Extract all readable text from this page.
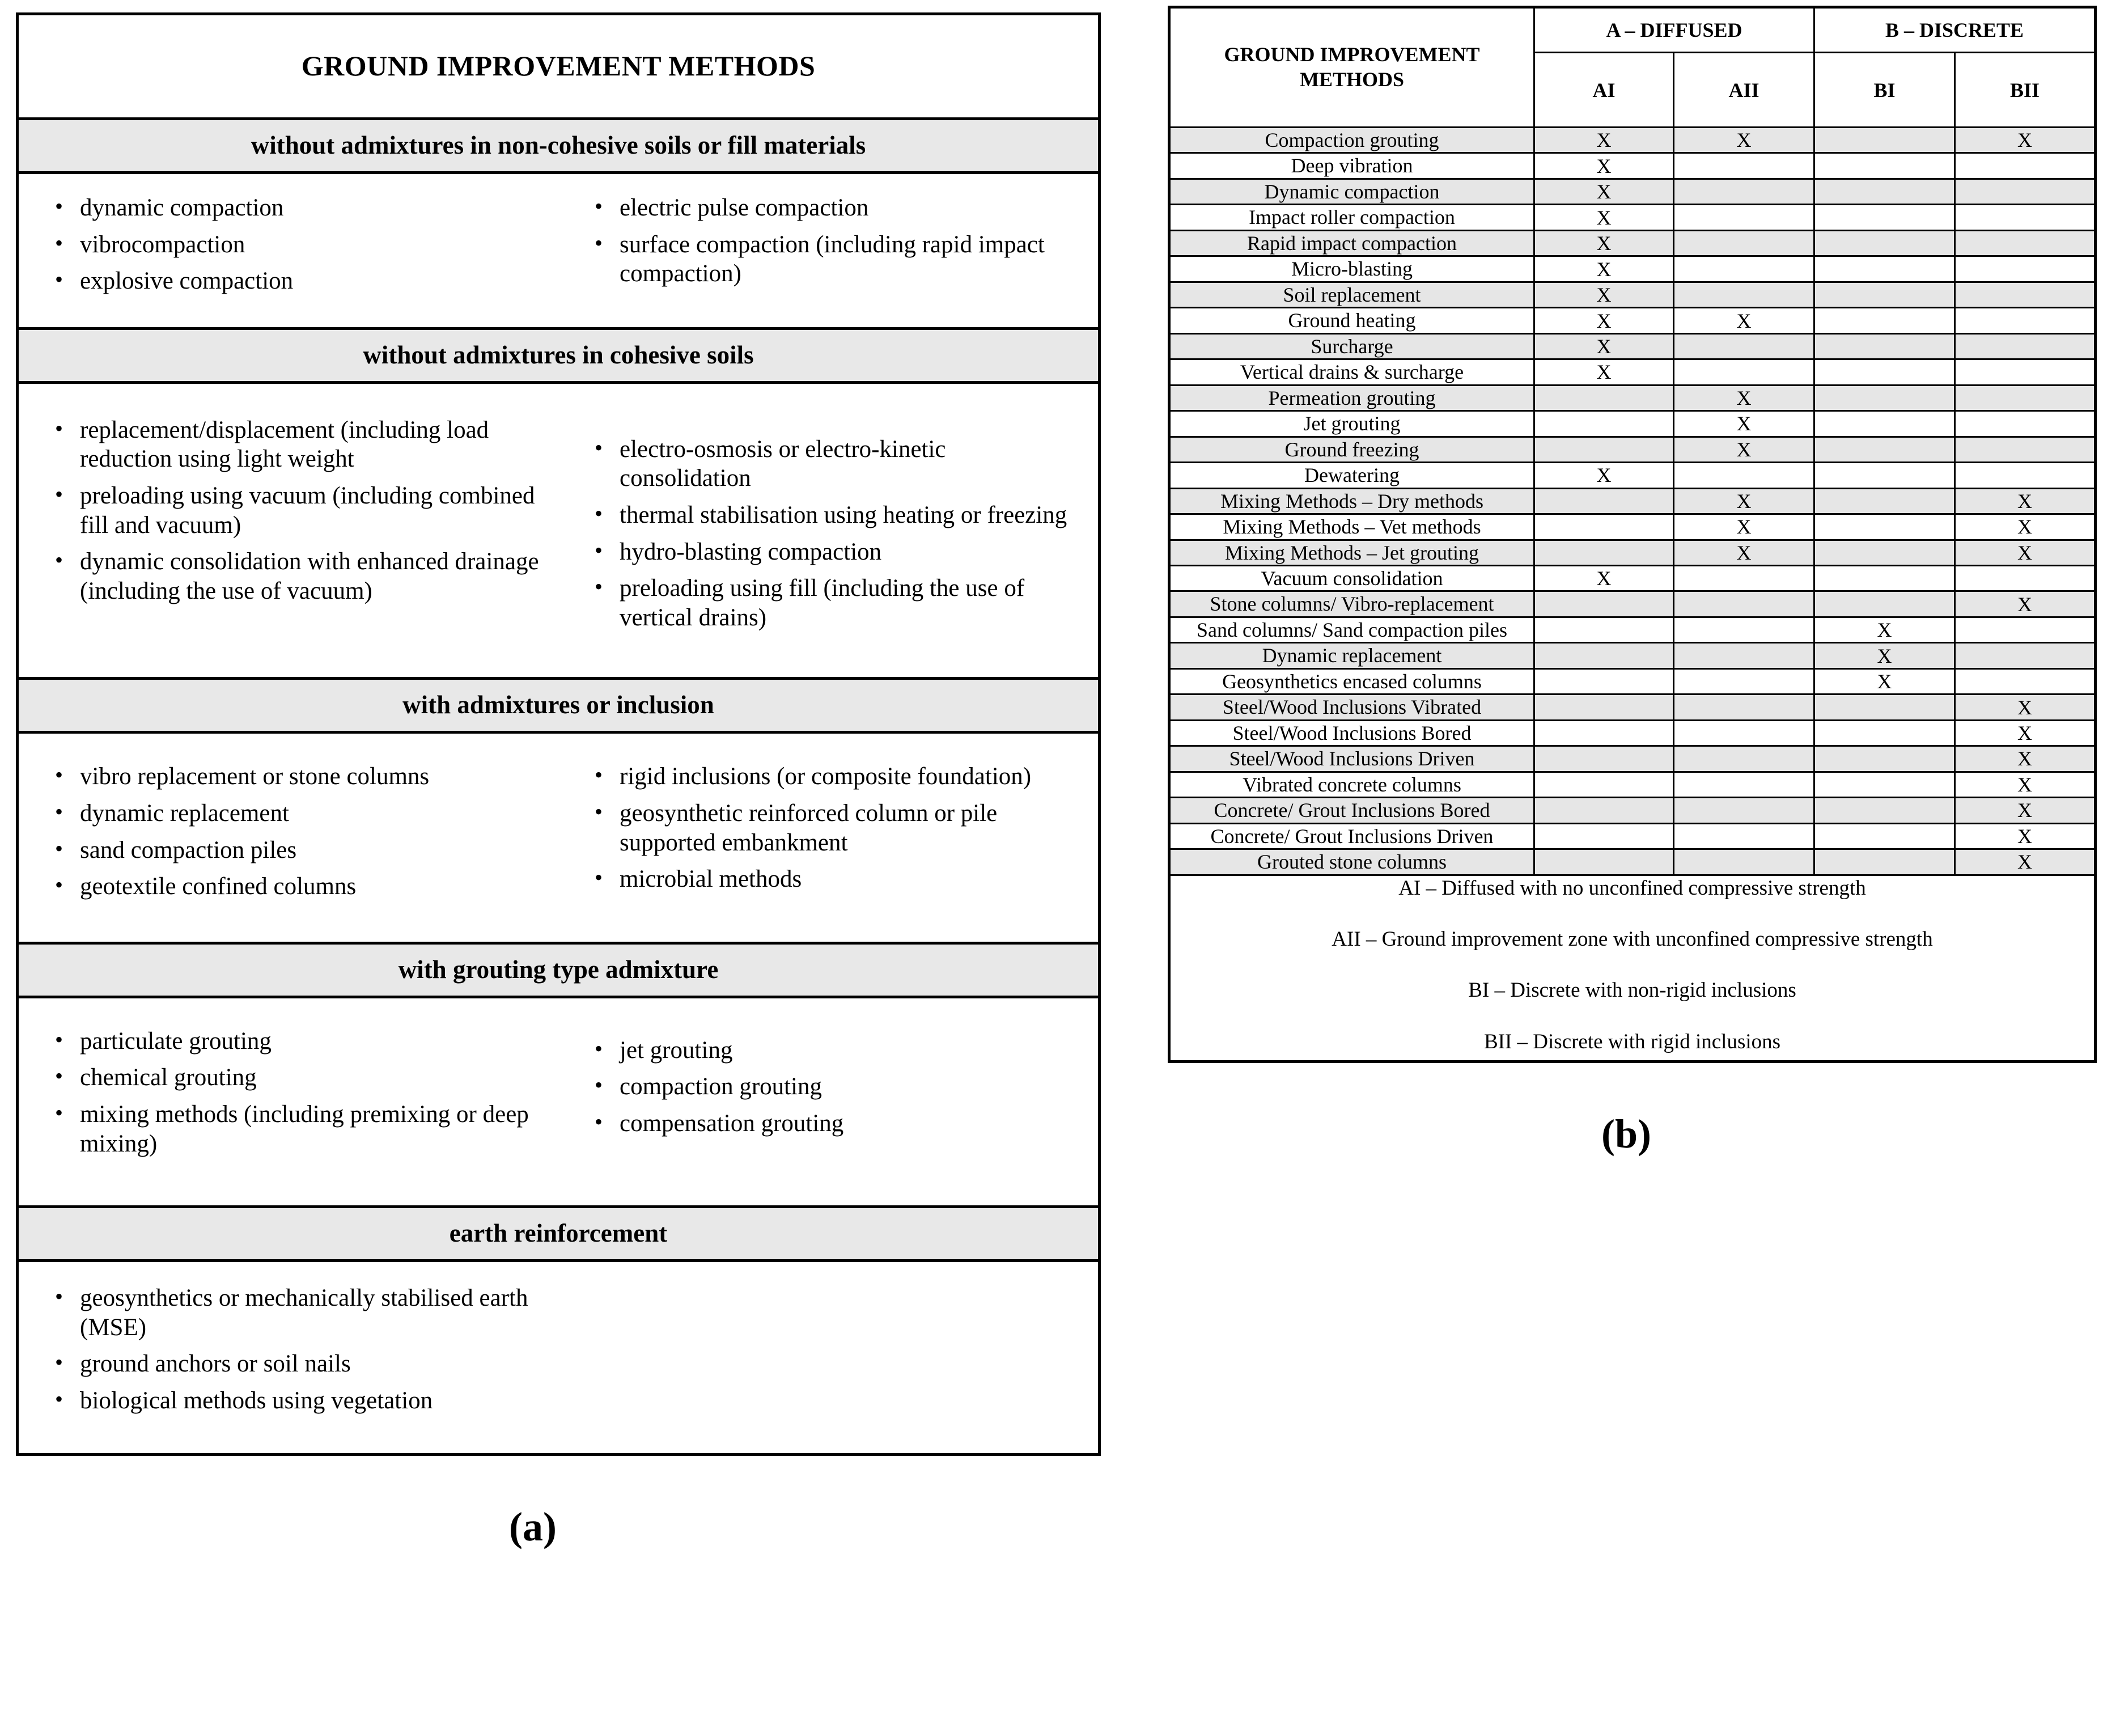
GROUND IMPROVEMENT METHODS
without admixtures in non-cohesive soils or fill materials
• dynamic compaction
• vibrocompaction
• explosive compaction
• electric pulse compaction
• surface compaction (including rapid impact compaction)
without admixtures in cohesive soils
• replacement/displacement (including load reduction using light weight
• preloading using vacuum (including combined fill and vacuum)
• dynamic consolidation with enhanced drainage (including the use of vacuum)
• electro-osmosis or electro-kinetic consolidation
• thermal stabilisation using heating or freezing
• hydro-blasting compaction
• preloading using fill (including the use of vertical drains)
with admixtures or inclusion
• vibro replacement or stone columns
• dynamic replacement
• sand compaction piles
• geotextile confined columns
• rigid inclusions (or composite foundation)
• geosynthetic reinforced column or pile supported embankment
• microbial methods
with grouting type admixture
• particulate grouting
• chemical grouting
• mixing methods (including premixing or deep mixing)
• jet grouting
• compaction grouting
• compensation grouting
earth reinforcement
• geosynthetics or mechanically stabilised earth (MSE)
• ground anchors or soil nails
• biological methods using vegetation
(a)
GROUND IMPROVEMENT METHODS	A – DIFFUSED		B – DISCRETE	
	AI	AII	BI	BII
Compaction grouting	X	X		X
Deep vibration	X			
Dynamic compaction	X			
Impact roller compaction	X			
Rapid impact compaction	X			
Micro-blasting	X			
Soil replacement	X			
Ground heating	X	X		
Surcharge	X			
Vertical drains & surcharge	X			
Permeation grouting		X		
Jet grouting		X		
Ground freezing		X		
Dewatering	X			
Mixing Methods – Dry methods		X		X
Mixing Methods – Vet methods		X		X
Mixing Methods – Jet grouting		X		X
Vacuum consolidation	X			
Stone columns/ Vibro-replacement				X
Sand columns/ Sand compaction piles			X	
Dynamic replacement			X	
Geosynthetics encased columns			X	
Steel/Wood Inclusions Vibrated				X
Steel/Wood Inclusions Bored				X
Steel/Wood Inclusions Driven				X
Vibrated concrete columns				X
Concrete/ Grout Inclusions Bored				X
Concrete/ Grout Inclusions Driven				X
Grouted stone columns				X

AI – Diffused with no unconfined compressive strength

AII – Ground improvement zone with unconfined compressive strength

BI – Discrete with non-rigid inclusions

BII – Discrete with rigid inclusions				

(b)
